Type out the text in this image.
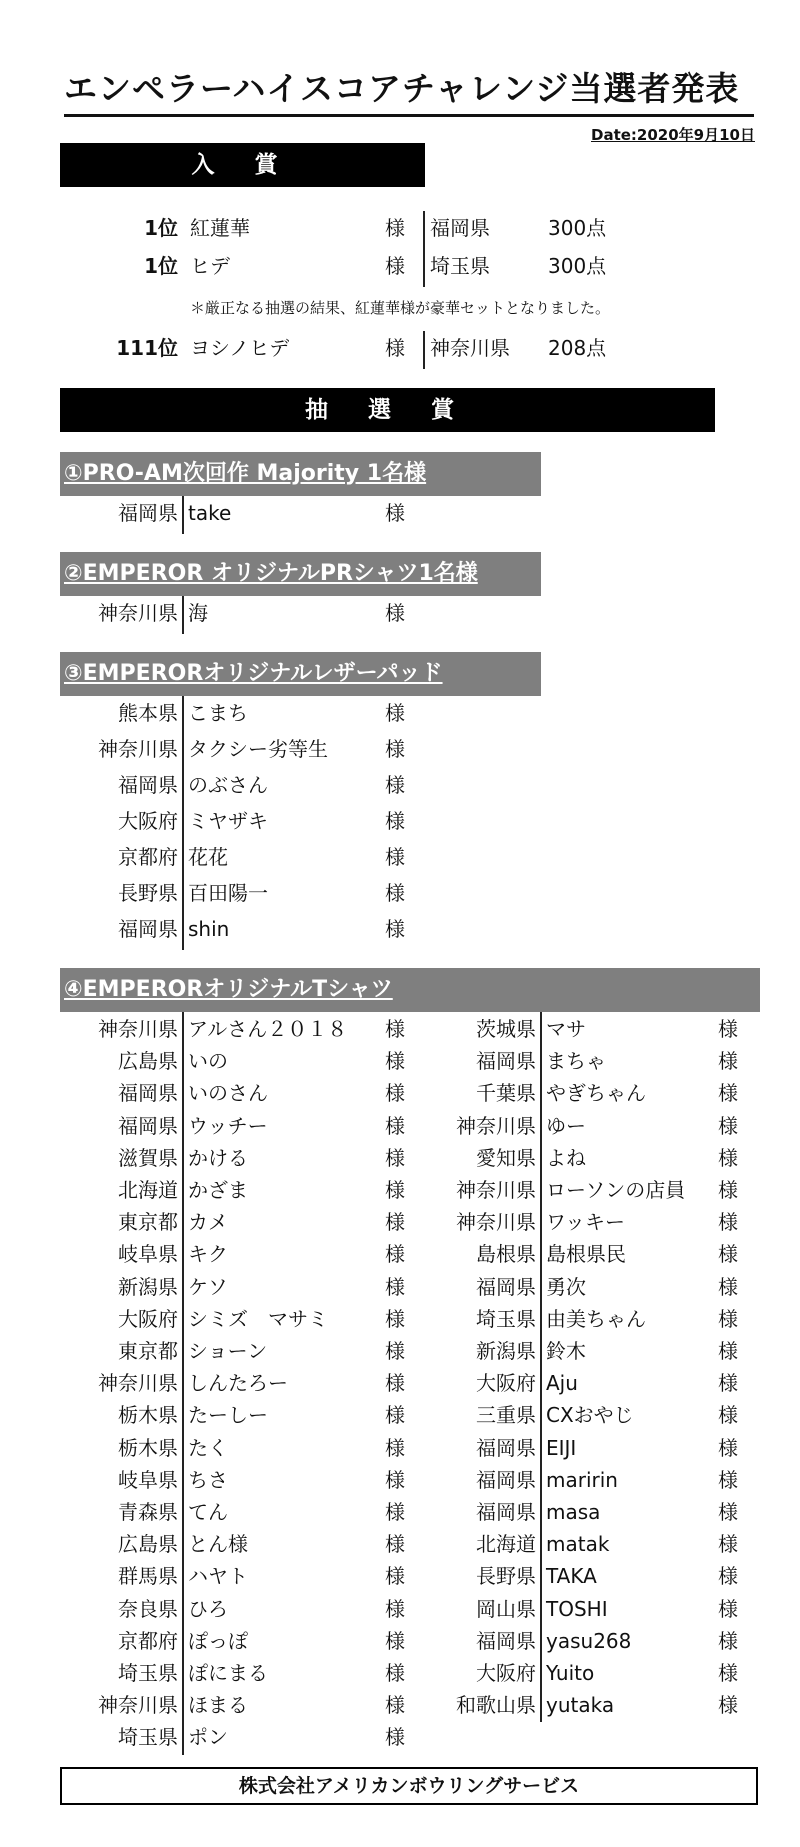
エンペラーハイスコアチャレンジ当選者発表
Date:2020年9月10日
入 賞
1位 紅蓮華	様 福岡県	300点
1位 ヒデ	様 埼玉県	300点
＊厳正なる抽選の結果、紅蓮華様が豪華セットとなりました。
111位 ヨシノヒデ	様 神奈川県 208点
抽 選 賞
①PRO-AM次回作 Majority 1名様
福岡県 take	様
②EMPEROR オリジナルPRシャツ1名様
神奈川県 海	様
③EMPERORオリジナルレザーパッド
熊本県 こまち	様
神奈川県 タクシー劣等生	様
福岡県 のぶさん	様
大阪府 ミヤザキ	様
京都府 花花	様
長野県 百田陽一	様
福岡県 shin	様
④EMPERORオリジナルTシャツ
神奈川県 アルさん２０１８ 様
広島県 いの	様
福岡県 いのさん	様
福岡県 ウッチー	様
滋賀県 かける	様
北海道 かざま	様
東京都 カメ	様
岐阜県 キク	様
新潟県 ケソ	様
大阪府 シミズ　マサミ	様
東京都 ショーン	様
神奈川県 しんたろー	様
栃木県 たーしー	様
栃木県 たく	様
岐阜県 ちさ	様
青森県 てん	様
広島県 とん様	様
群馬県 ハヤト	様
奈良県 ひろ	様
京都府 ぽっぽ	様
埼玉県 ぽにまる	様
神奈川県 ほまる	様
埼玉県 ポン	様
茨城県 マサ	様
福岡県 まちゃ	様
千葉県 やぎちゃん	様
神奈川県 ゆー	様
愛知県 よね	様
神奈川県 ローソンの店員 様
神奈川県 ワッキー	様
島根県 島根県民	様
福岡県 勇次	様
埼玉県 由美ちゃん	様
新潟県 鈴木	様
大阪府 Aju	様
三重県 CXおやじ	様
福岡県 EIJI	様
福岡県 maririn	様
福岡県 masa	様
北海道 matak	様
長野県 TAKA	様
岡山県 TOSHI	様
福岡県 yasu268	様
大阪府 Yuito	様
和歌山県 yutaka	様
株式会社アメリカンボウリングサービス
